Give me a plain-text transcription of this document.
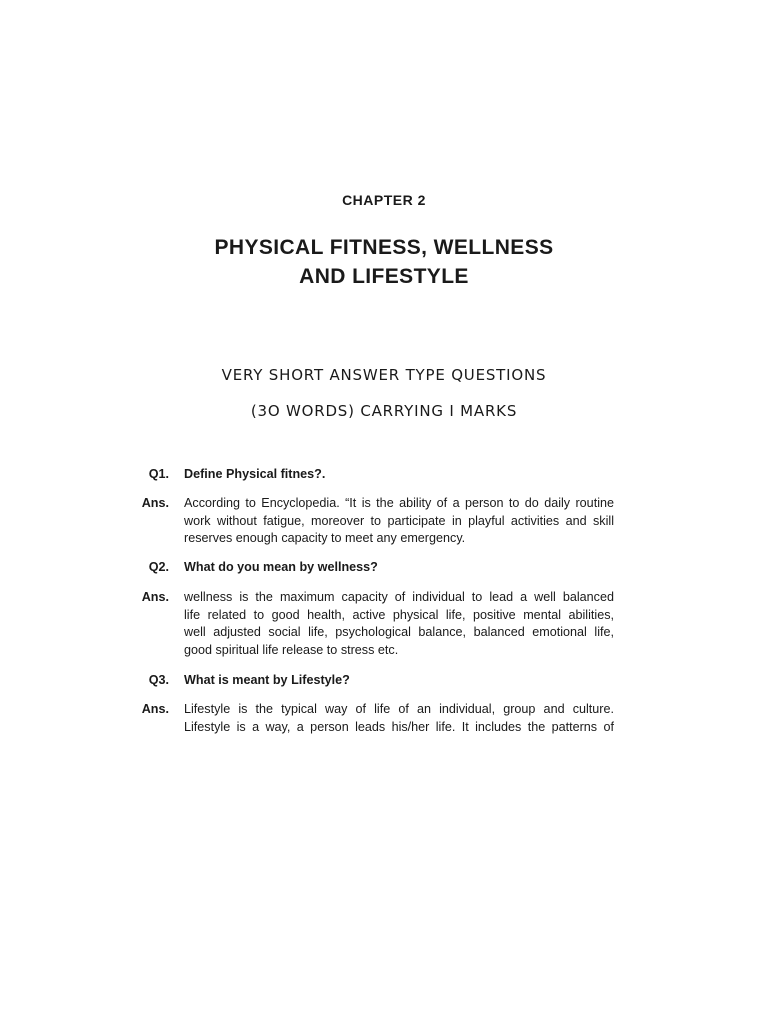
CHAPTER 2
PHYSICAL FITNESS, WELLNESS
AND LIFESTYLE
VERY SHORT ANSWER TYPE QUESTIONS
(3O WORDS) CARRYING I MARKS
Q1. Define Physical fitnes?.
Ans. According to Encyclopedia. “It is the ability of a person to do daily routine
work without fatigue, moreover to participate in playful activities and skill
reserves enough capacity to meet any emergency.
Q2. What do you mean by wellness?
Ans. wellness is the maximum capacity of individual to lead a well balanced
life related to good health, active physical life, positive mental abilities,
well adjusted social life, psychological balance, balanced emotional life,
good spiritual life release to stress etc.
Q3. What is meant by Lifestyle?
Ans. Lifestyle is the typical way of life of an individual, group and culture.
Lifestyle is a way, a person leads his/her life. It includes the patterns of
